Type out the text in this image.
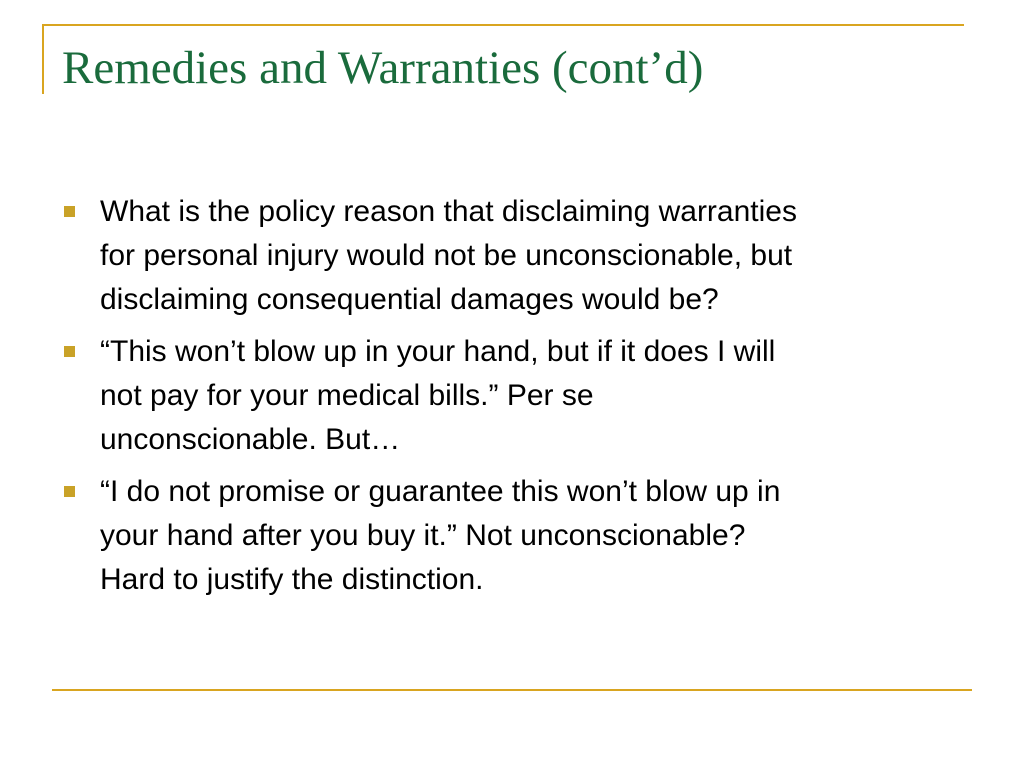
Remedies and Warranties (cont’d)
What is the policy reason that disclaiming warranties
for personal injury would not be unconscionable, but
disclaiming consequential damages would be?
“This won’t blow up in your hand, but if it does I will
not pay for your medical bills.” Per se
unconscionable. But…
“I do not promise or guarantee this won’t blow up in
your hand after you buy it.” Not unconscionable?
Hard to justify the distinction.
